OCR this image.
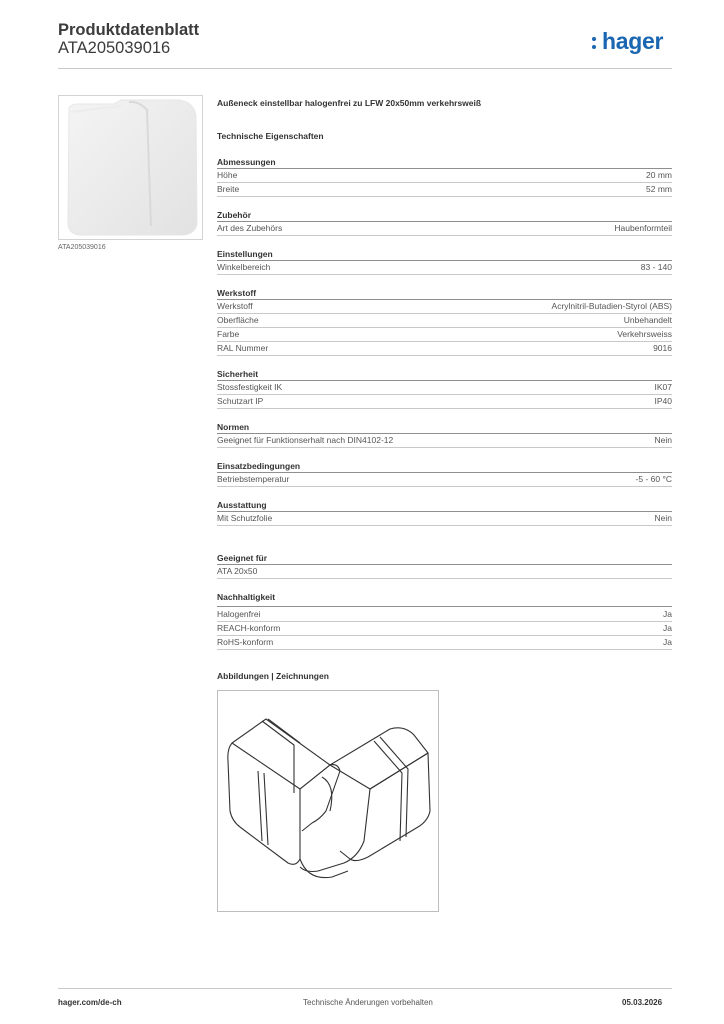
Produktdatenblatt
ATA205039016	hager
ATA205039016
Außeneck einstellbar halogenfrei zu LFW 20x50mm verkehrsweiß
Technische Eigenschaften
Abmessungen
Höhe	20 mm
Breite	52 mm
Zubehör
Art des Zubehörs	Haubenformteil
Einstellungen
Winkelbereich	83 - 140
Werkstoff
Werkstoff	Acrylnitril-Butadien-Styrol (ABS)
Oberfläche	Unbehandelt
Farbe	Verkehrsweiss
RAL Nummer	9016
Sicherheit
Stossfestigkeit IK	IK07
Schutzart IP	IP40
Normen
Geeignet für Funktionserhalt nach DIN4102-12	Nein
Einsatzbedingungen
Betriebstemperatur	-5 - 60 °C
Ausstattung
Mit Schutzfolie	Nein
Geeignet für
ATA 20x50
Nachhaltigkeit
Halogenfrei	Ja
REACH-konform	Ja
RoHS-konform	Ja
Abbildungen | Zeichnungen
hager.com/de-ch	Technische Änderungen vorbehalten	05.03.2026
